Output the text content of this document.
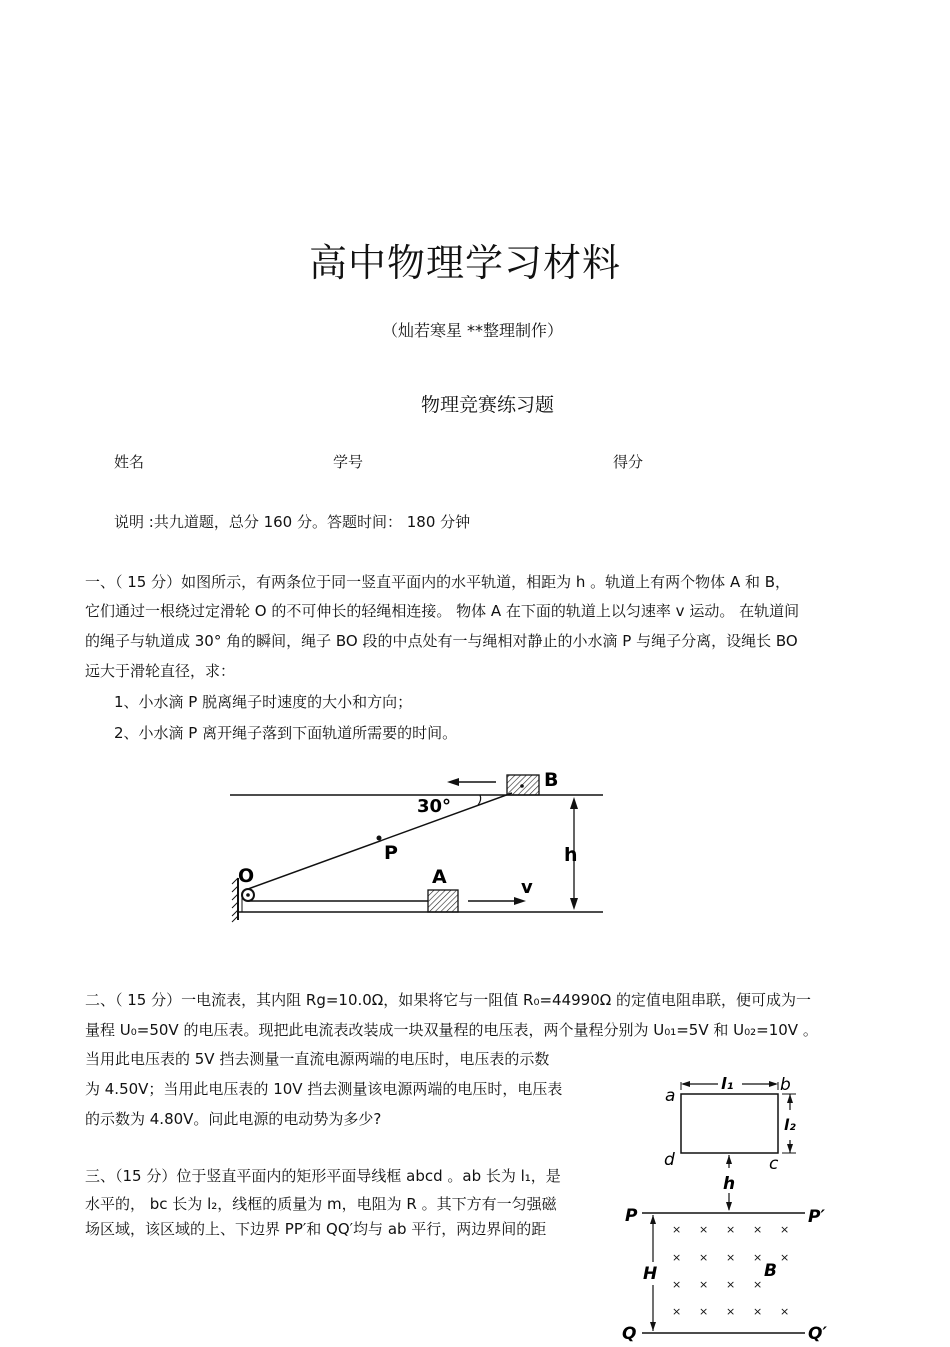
高中物理学习材料
（灿若寒星 **整理制作）
物理竞赛练习题
姓名	学号	得分
说明 :共九道题，总分 160 分。答题时间： 180 分钟
一、（ 15 分）如图所示，有两条位于同一竖直平面内的水平轨道，相距为 h 。轨道上有两个物体 A 和 B，
它们通过一根绕过定滑轮 O 的不可伸长的轻绳相连接。 物体 A 在下面的轨道上以匀速率 v 运动。 在轨道间
的绳子与轨道成 30° 角的瞬间，绳子 BO 段的中点处有一与绳相对静止的小水滴 P 与绳子分离，设绳长 BO
远大于滑轮直径，求：
1、小水滴 P 脱离绳子时速度的大小和方向；
2、小水滴 P 离开绳子落到下面轨道所需要的时间。
30°
B
P
O	A	v
h
二、（ 15 分）一电流表，其内阻 Rg=10.0Ω，如果将它与一阻值 R₀=44990Ω 的定值电阻串联，便可成为一
量程 U₀=50V 的电压表。现把此电流表改装成一块双量程的电压表，两个量程分别为 U₀₁=5V 和 U₀₂=10V 。
当用此电压表的 5V 挡去测量一直流电源两端的电压时，电压表的示数
为 4.50V；当用此电压表的 10V 挡去测量该电源两端的电压时，电压表
的示数为 4.80V。问此电源的电动势为多少?
三、（15 分）位于竖直平面内的矩形平面导线框 abcd 。ab 长为 l₁，是
水平的， bc 长为 l₂，线框的质量为 m，电阻为 R 。其下方有一匀强磁
场区域，该区域的上、下边界 PP′和 QQ′均与 ab 平行，两边界间的距	× × × × ×
× × × × ×
× × × ×
× × × × ×
a
b
c
d
l₁
l₂
h
P	P′
H	B
Q	Q′
